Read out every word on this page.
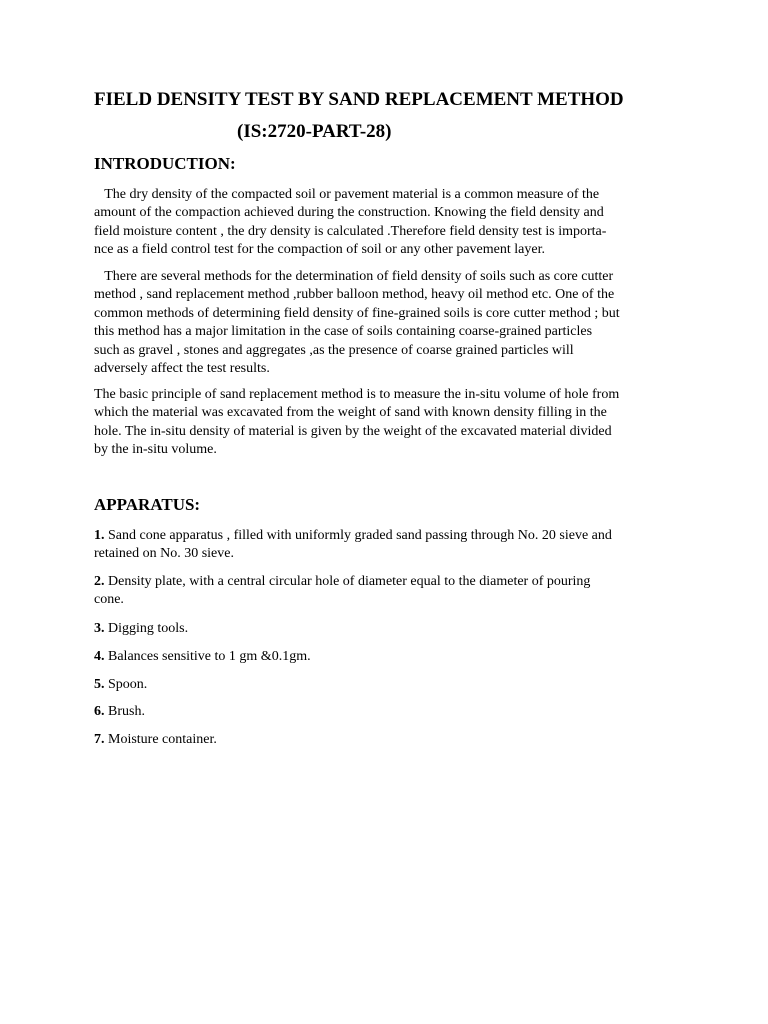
FIELD DENSITY TEST BY SAND REPLACEMENT METHOD
(IS:2720-PART-28)
INTRODUCTION:

The dry density of the compacted soil or pavement material is a common measure of the
amount of the compaction achieved during the construction. Knowing the field density and
field moisture content , the dry density is calculated .Therefore field density test is importa-
nce as a field control test for the compaction of soil or any other pavement layer.

There are several methods for the determination of field density of soils such as core cutter
method , sand replacement method ,rubber balloon method, heavy oil method etc. One of the
common methods of determining field density of fine-grained soils is core cutter method ; but
this method has a major limitation in the case of soils containing coarse-grained particles
such as gravel , stones and aggregates ,as the presence of coarse grained particles will
adversely affect the test results.

The basic principle of sand replacement method is to measure the in-situ volume of hole from
which the material was excavated from the weight of sand with known density filling in the
hole. The in-situ density of material is given by the weight of the excavated material divided
by the in-situ volume.

APPARATUS:

1. Sand cone apparatus , filled with uniformly graded sand passing through No. 20 sieve and
retained on No. 30 sieve.

2. Density plate, with a central circular hole of diameter equal to the diameter of pouring
cone.

3. Digging tools.

4. Balances sensitive to 1 gm &0.1gm.

5. Spoon.

6. Brush.

7. Moisture container.
